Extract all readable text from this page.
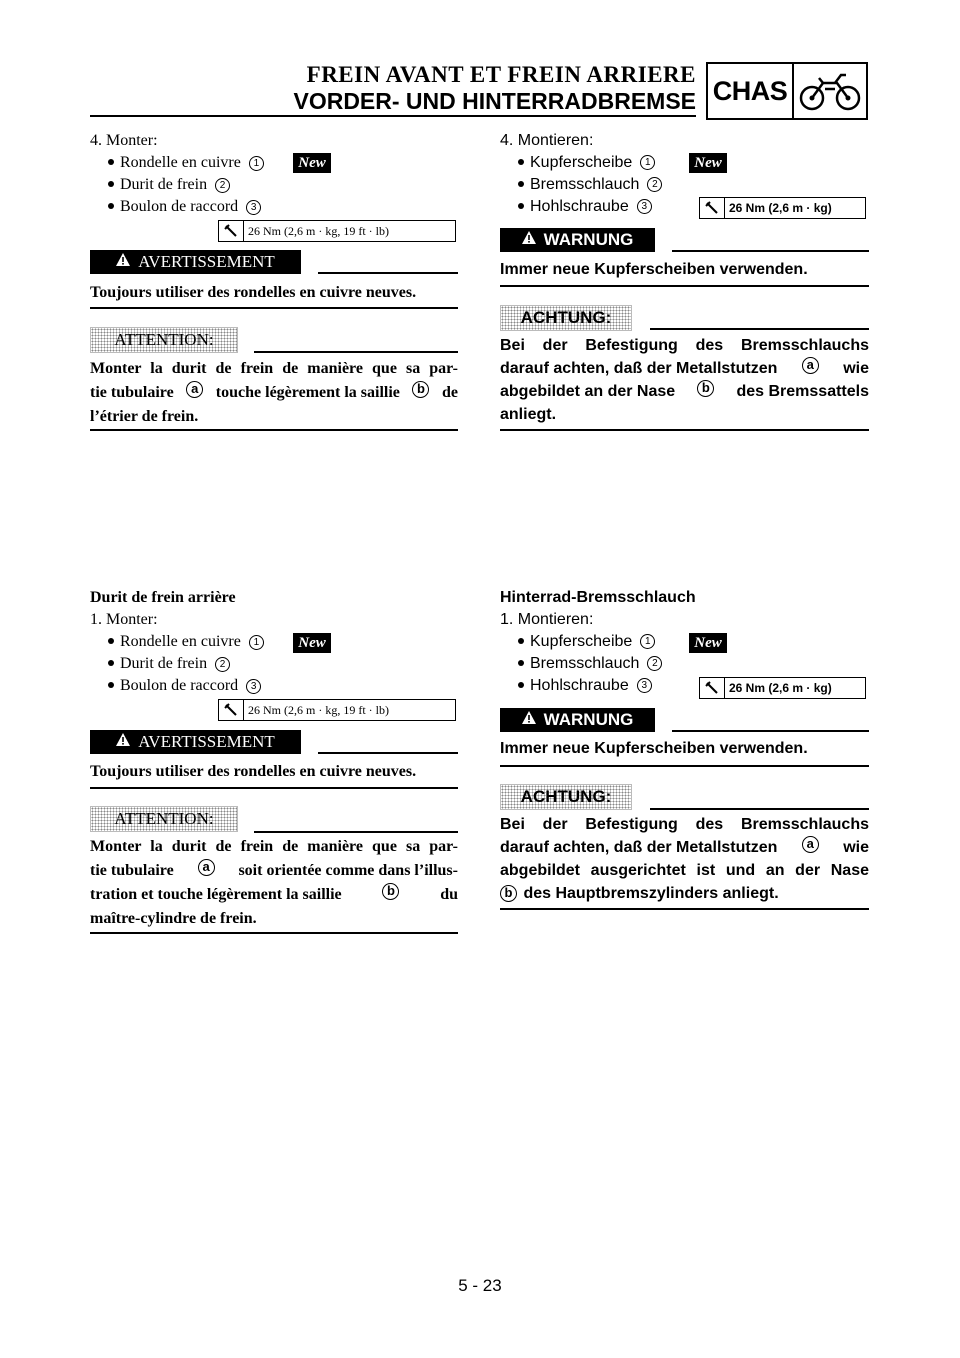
FREIN AVANT ET FREIN ARRIERE
VORDER- UND HINTERRADBREMSE CHAS
4. Monter:
Rondelle en cuivre 1
Durit de frein 2
Boulon de raccord 3
New
26 Nm (2,6 m · kg, 19 ft · lb)
AVERTISSEMENT
Toujours utiliser des rondelles en cuivre neuves.
ATTENTION:
Monter la durit de frein de manière que sa par-
tie tubulaire	a	touche légèrement la saillie	b de
l’étrier de frein.
4. Montieren:
Kupferscheibe 1
Bremsschlauch 2
Hohlschraube 3
New
26 Nm (2,6 m · kg)
WARNUNG
Immer neue Kupferscheiben verwenden.
ACHTUNG:
Bei der Befestigung des Bremsschlauchs
darauf achten, daß der Metallstutzen	a	wie
abgebildet an der Nase	b des Bremssattels
anliegt.
Durit de frein arrière
1. Monter:
Rondelle en cuivre 1
Durit de frein 2
Boulon de raccord 3
New
26 Nm (2,6 m · kg, 19 ft · lb)
AVERTISSEMENT
Toujours utiliser des rondelles en cuivre neuves.
ATTENTION:
Monter la durit de frein de manière que sa par-
tie tubulaire	a	soit orientée comme dans l’illus-
tration et touche légèrement la saillie	b	du
maître-cylindre de frein.
Hinterrad-Bremsschlauch
1. Montieren:
Kupferscheibe 1
Bremsschlauch 2
Hohlschraube 3
New
26 Nm (2,6 m · kg)
WARNUNG
Immer neue Kupferscheiben verwenden.
ACHTUNG:
Bei der Befestigung des Bremsschlauchs
darauf achten, daß der Metallstutzen	a	wie
abgebildet ausgerichtet ist und an der Nase
b des Hauptbremszylinders anliegt.
5 - 23
